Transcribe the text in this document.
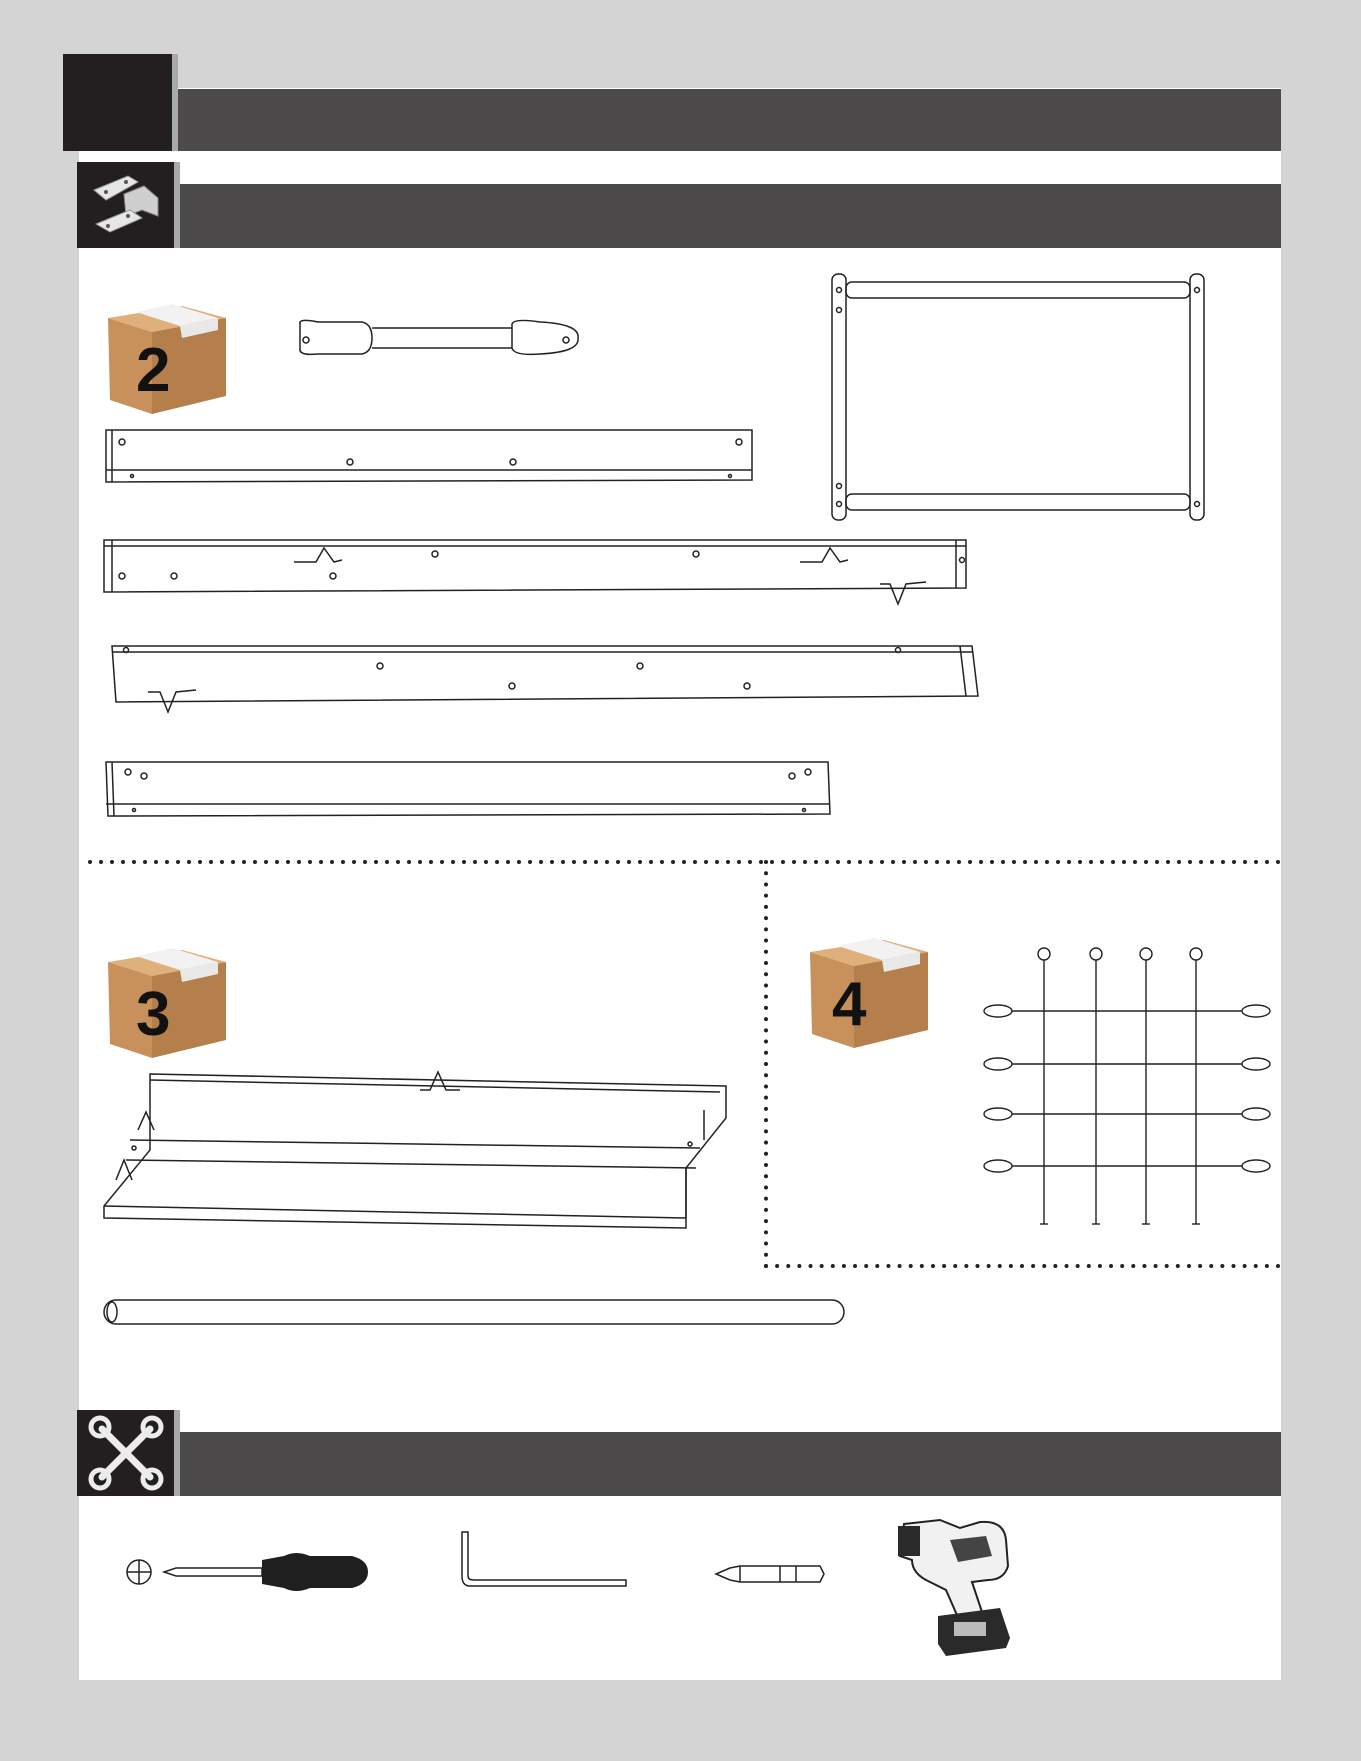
2
3	4
